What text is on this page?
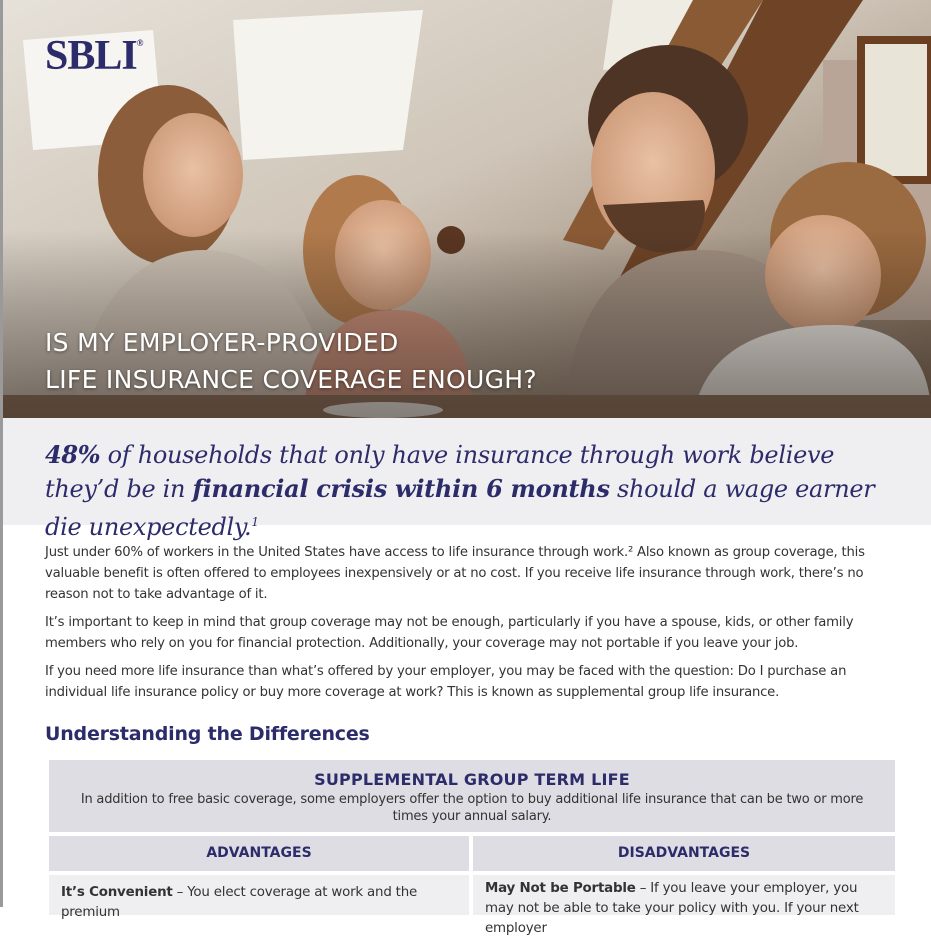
SBLI®
IS MY EMPLOYER-PROVIDED
LIFE INSURANCE COVERAGE ENOUGH?
48% of households that only have insurance through work believe they’d be in financial crisis within 6 months should a wage earner die unexpectedly.$^1$

Just under 60% of workers in the United States have access to life insurance through work.² Also known as group coverage, this valuable benefit is often offered to employees inexpensively or at no cost. If you receive life insurance through work, there’s no reason not to take advantage of it.

It’s important to keep in mind that group coverage may not be enough, particularly if you have a spouse, kids, or other family members who rely on you for financial protection. Additionally, your coverage may not portable if you leave your job.

If you need more life insurance than what’s offered by your employer, you may be faced with the question: Do I purchase an individual life insurance policy or buy more coverage at work? This is known as supplemental group life insurance.

Understanding the Differences
SUPPLEMENTAL GROUP TERM LIFE
In addition to free basic coverage, some employers offer the option to buy additional life insurance that can be two or more times your annual salary.
ADVANTAGES	DISADVANTAGES
It’s Convenient – You elect coverage at work and the premium
May Not be Portable – If you leave your employer, you may not be able to take your policy with you. If your next employer
